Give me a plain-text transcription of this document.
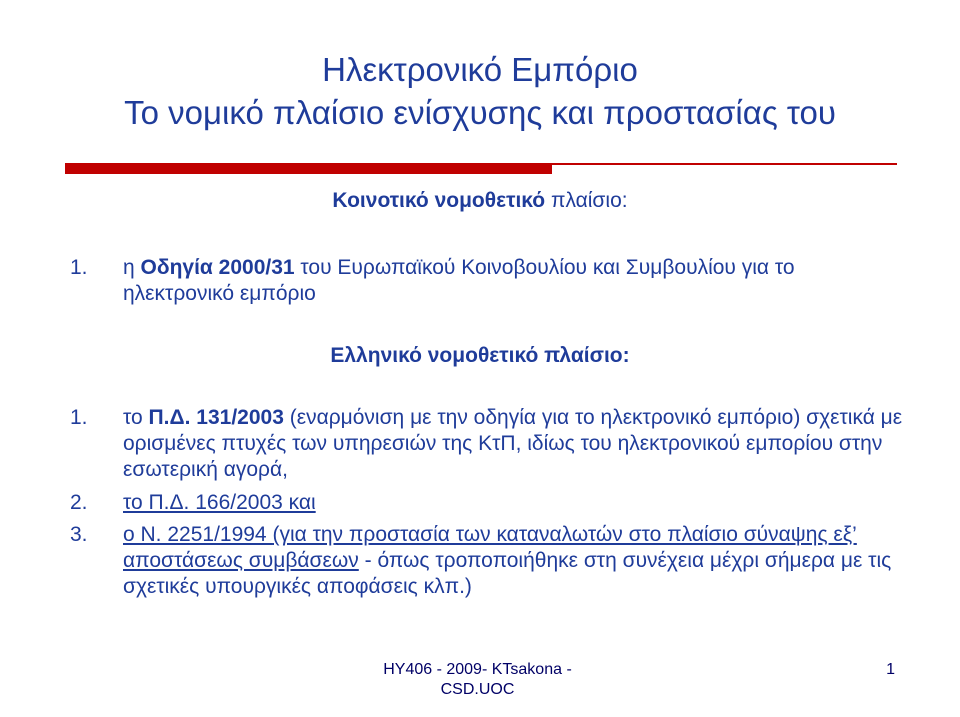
Ηλεκτρονικό Εμπόριο
Το νομικό πλαίσιο ενίσχυσης και προστασίας του
Κοινοτικό νομοθετικό πλαίσιο:
1.	η Οδηγία 2000/31 του Ευρωπαϊκού Κοινοβουλίου και Συμβουλίου για το ηλεκτρονικό εμπόριο
Ελληνικό νομοθετικό πλαίσιο:
1.	το Π.Δ. 131/2003 (εναρμόνιση με την οδηγία για το ηλεκτρονικό εμπόριο) σχετικά με ορισμένες πτυχές των υπηρεσιών της ΚτΠ, ιδίως του ηλεκτρονικού εμπορίου στην εσωτερική αγορά,
2.	το Π.Δ. 166/2003 και
3.	ο Ν. 2251/1994 (για την προστασία των καταναλωτών στο πλαίσιο σύναψης εξ’ αποστάσεως συμβάσεων - όπως τροποποιήθηκε στη συνέχεια μέχρι σήμερα με τις σχετικές υπουργικές αποφάσεις κλπ.)
HY406 - 2009- KTsakona -
CSD.UOC
1
